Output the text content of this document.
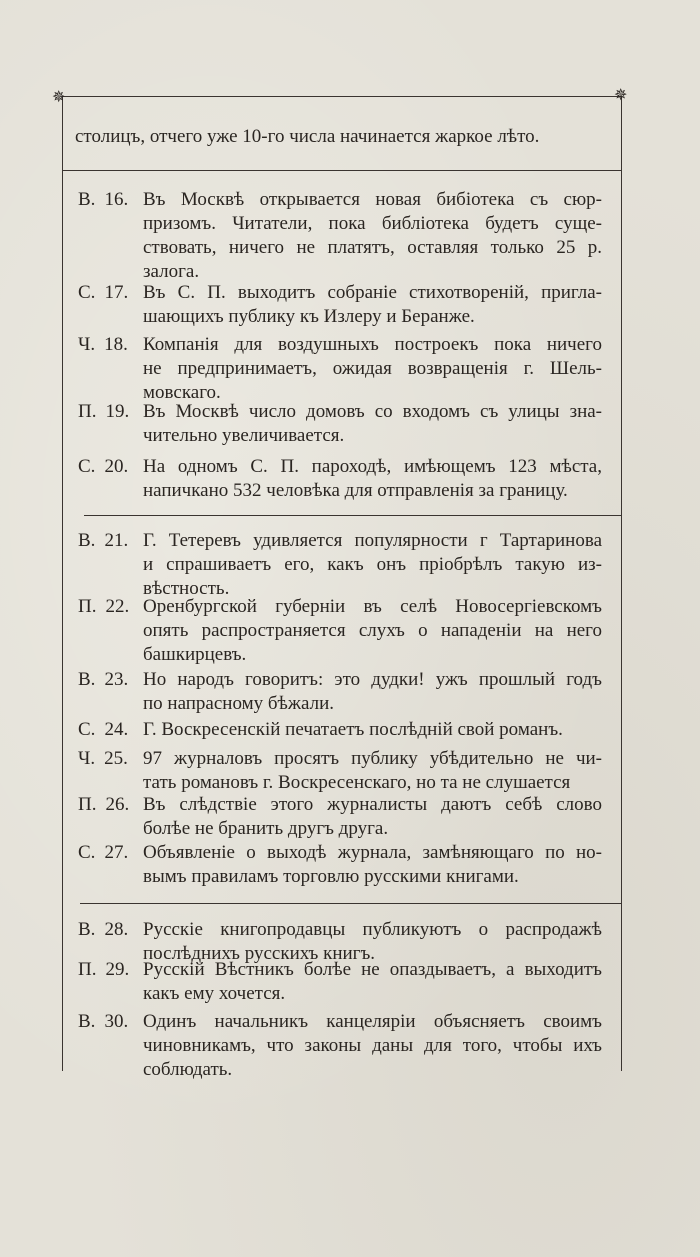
✵	✵
столицъ, отчего уже 10-го числа начинается жаркое лѣто.
В. 16. Въ Москвѣ открывается новая бибіотека съ сюр-
призомъ. Читатели, пока библіотека будетъ суще-
ствовать, ничего не платятъ, оставляя только 25 р.
залога.
С. 17. Въ С. П. выходитъ собраніе стихотвореній, пригла-
шающихъ публику къ Излеру и Беранже.
Ч. 18. Компанія для воздушныхъ построекъ пока ничего
не предпринимаетъ, ожидая возвращенія г. Шель-
мовскаго.
П. 19. Въ Москвѣ число домовъ со входомъ съ улицы зна-
чительно увеличивается.
С. 20. На одномъ С. П. пароходѣ, имѣющемъ 123 мѣста,
напичкано 532 человѣка для отправленія за границу.
В. 21. Г. Тетеревъ удивляется популярности г Тартаринова
и спрашиваетъ его, какъ онъ пріобрѣлъ такую из-
вѣстность.
П. 22. Оренбургской губерніи въ селѣ Новосергіевскомъ
опять распространяется слухъ о нападеніи на него
башкирцевъ.
В. 23. Но народъ говоритъ: это дудки! ужъ прошлый годъ
по напрасному бѣжали.
С. 24. Г. Воскресенскій печатаетъ послѣдній свой романъ.
Ч. 25. 97 журналовъ просятъ публику убѣдительно не чи-
тать романовъ г. Воскресенскаго, но та не слушается
П. 26. Въ слѣдствіе этого журналисты даютъ себѣ слово
болѣе не бранить другъ друга.
С. 27. Объявленіе о выходѣ журнала, замѣняющаго по но-
вымъ правиламъ торговлю русскими книгами.
В. 28. Русскіе книгопродавцы публикуютъ о распродажѣ
послѣднихъ русскихъ книгъ.
П. 29. Русскій Вѣстникъ болѣе не опаздываетъ, а выходитъ
какъ ему хочется.
В. 30. Одинъ начальникъ канцеляріи объясняетъ своимъ
чиновникамъ, что законы даны для того, чтобы ихъ
соблюдать.
